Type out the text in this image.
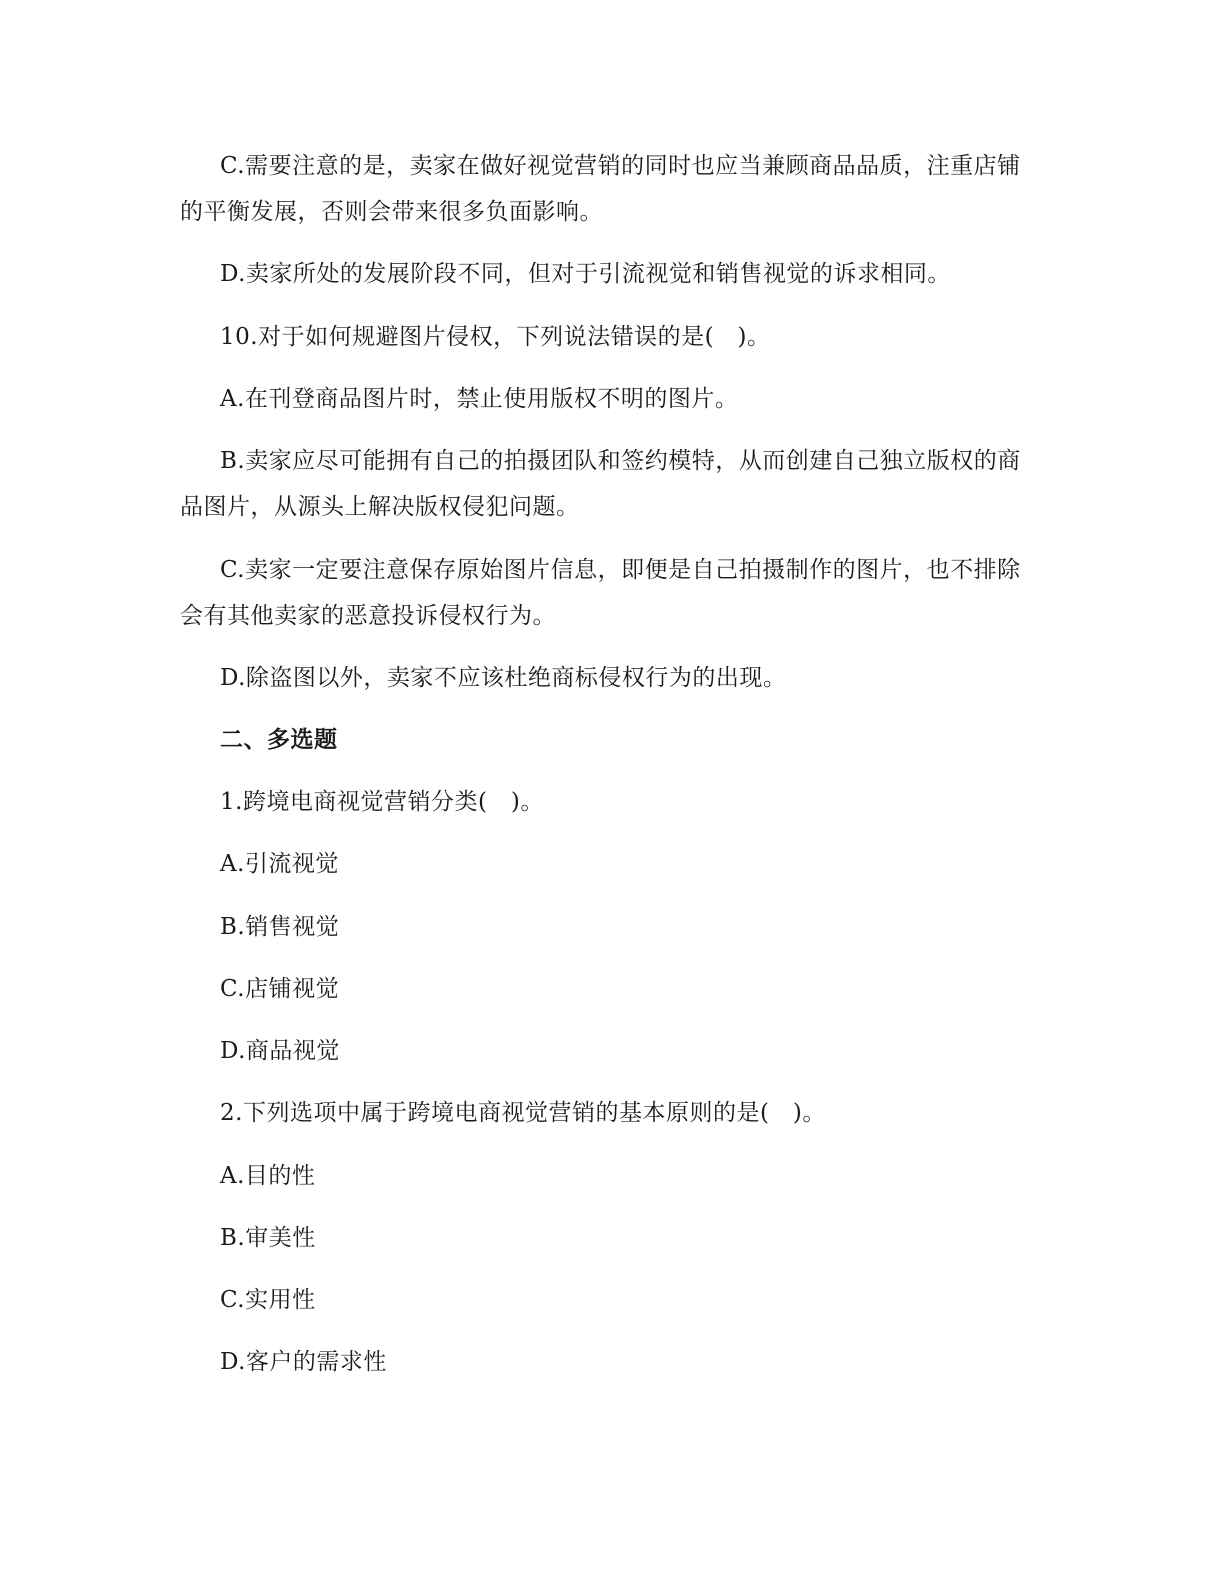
C.需要注意的是，卖家在做好视觉营销的同时也应当兼顾商品品质，注重店铺
的平衡发展，否则会带来很多负面影响。
D.卖家所处的发展阶段不同，但对于引流视觉和销售视觉的诉求相同。
10.对于如何规避图片侵权，下列说法错误的是(　)。
A.在刊登商品图片时，禁止使用版权不明的图片。
B.卖家应尽可能拥有自己的拍摄团队和签约模特，从而创建自己独立版权的商
品图片，从源头上解决版权侵犯问题。
C.卖家一定要注意保存原始图片信息，即便是自己拍摄制作的图片，也不排除
会有其他卖家的恶意投诉侵权行为。
D.除盗图以外，卖家不应该杜绝商标侵权行为的出现。
二、多选题
1.跨境电商视觉营销分类(　)。
A.引流视觉
B.销售视觉
C.店铺视觉
D.商品视觉
2.下列选项中属于跨境电商视觉营销的基本原则的是(　)。
A.目的性
B.审美性
C.实用性
D.客户的需求性
